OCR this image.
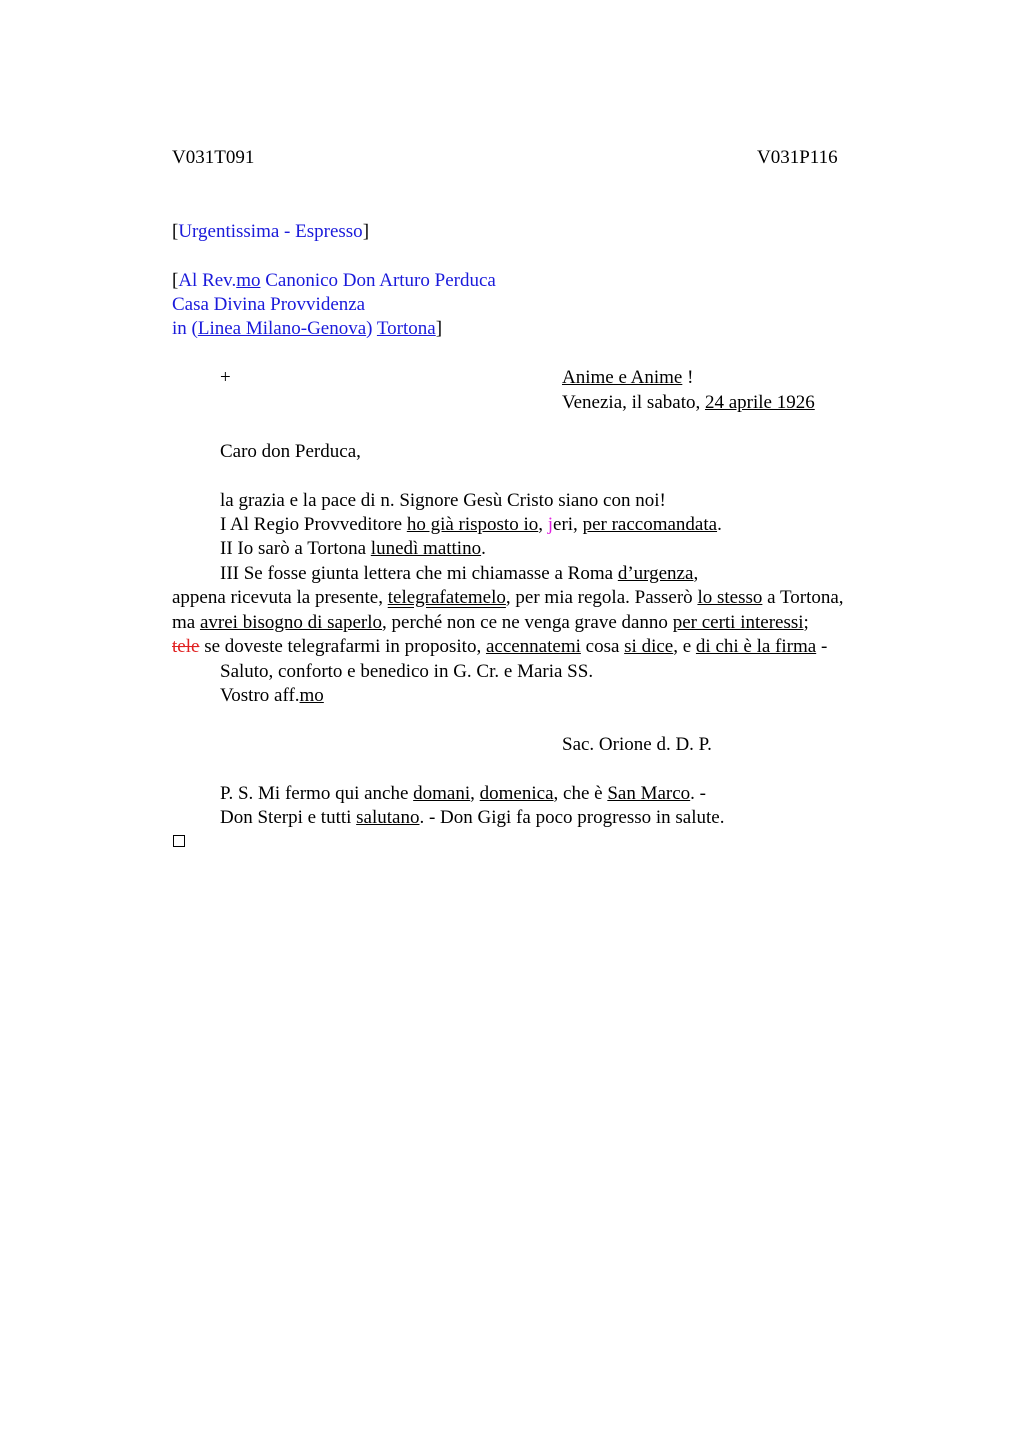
V031T091	V031P116
[Urgentissima - Espresso]
[Al Rev.mo Canonico Don Arturo Perduca
Casa Divina Provvidenza
in (Linea Milano-Genova) Tortona]
+	Anime e Anime !
Venezia, il sabato, 24 aprile 1926
Caro don Perduca,
la grazia e la pace di n. Signore Gesù Cristo siano con noi!
I Al Regio Provveditore ho già risposto io, jeri, per raccomandata.
II Io sarò a Tortona lunedì mattino.
III Se fosse giunta lettera che mi chiamasse a Roma d’urgenza,
appena ricevuta la presente, telegrafatemelo, per mia regola. Passerò lo stesso a Tortona,
ma avrei bisogno di saperlo, perché non ce ne venga grave danno per certi interessi;
tele se doveste telegrafarmi in proposito, accennatemi cosa si dice, e di chi è la firma -
Saluto, conforto e benedico in G. Cr. e Maria SS.
Vostro aff.mo
Sac. Orione d. D. P.
P. S. Mi fermo qui anche domani, domenica, che è San Marco. -
Don Sterpi e tutti salutano. - Don Gigi fa poco progresso in salute.
